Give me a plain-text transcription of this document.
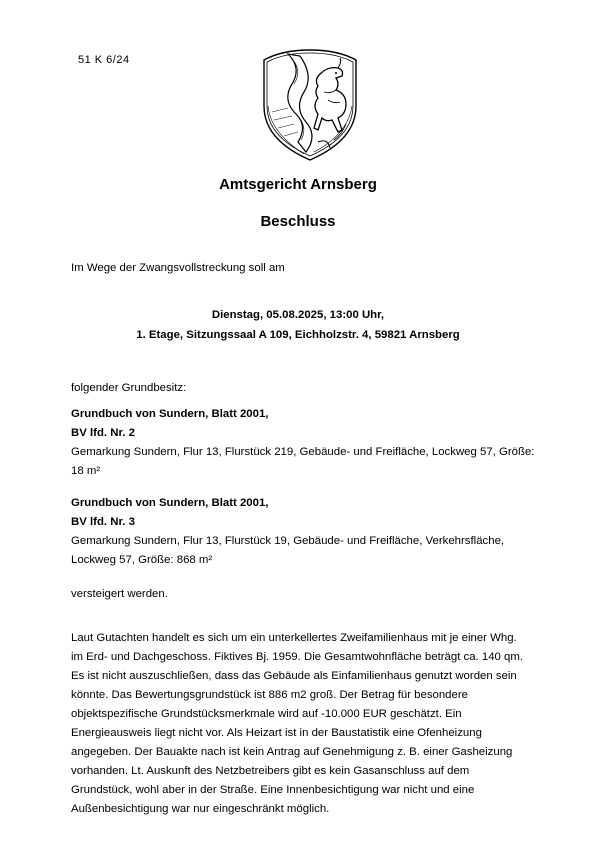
51 K 6/24
Amtsgericht Arnsberg
Beschluss
Im Wege der Zwangsvollstreckung soll am
Dienstag, 05.08.2025, 13:00 Uhr,
1. Etage, Sitzungssaal A 109, Eichholzstr. 4, 59821 Arnsberg
folgender Grundbesitz:
Grundbuch von Sundern, Blatt 2001,
BV lfd. Nr. 2
Gemarkung Sundern, Flur 13, Flurstück 219, Gebäude- und Freifläche, Lockweg 57, Größe: 18 m²
Grundbuch von Sundern, Blatt 2001,
BV lfd. Nr. 3
Gemarkung Sundern, Flur 13, Flurstück 19, Gebäude- und Freifläche, Verkehrsfläche, Lockweg 57, Größe: 868 m²
versteigert werden.
Laut Gutachten handelt es sich um ein unterkellertes Zweifamilienhaus mit je einer Whg. im Erd- und Dachgeschoss. Fiktives Bj. 1959. Die Gesamtwohnfläche beträgt ca. 140 qm. Es ist nicht auszuschließen, dass das Gebäude als Einfamilienhaus genutzt worden sein könnte. Das Bewertungsgrundstück ist 886 m2 groß. Der Betrag für besondere objektspezifische Grundstücksmerkmale wird auf -10.000 EUR geschätzt. Ein Energieausweis liegt nicht vor. Als Heizart ist in der Baustatistik eine Ofenheizung angegeben. Der Bauakte nach ist kein Antrag auf Genehmigung z. B. einer Gasheizung vorhanden. Lt. Auskunft des Netzbetreibers gibt es kein Gasanschluss auf dem Grundstück, wohl aber in der Straße. Eine Innenbesichtigung war nicht und eine Außenbesichtigung war nur eingeschränkt möglich.
